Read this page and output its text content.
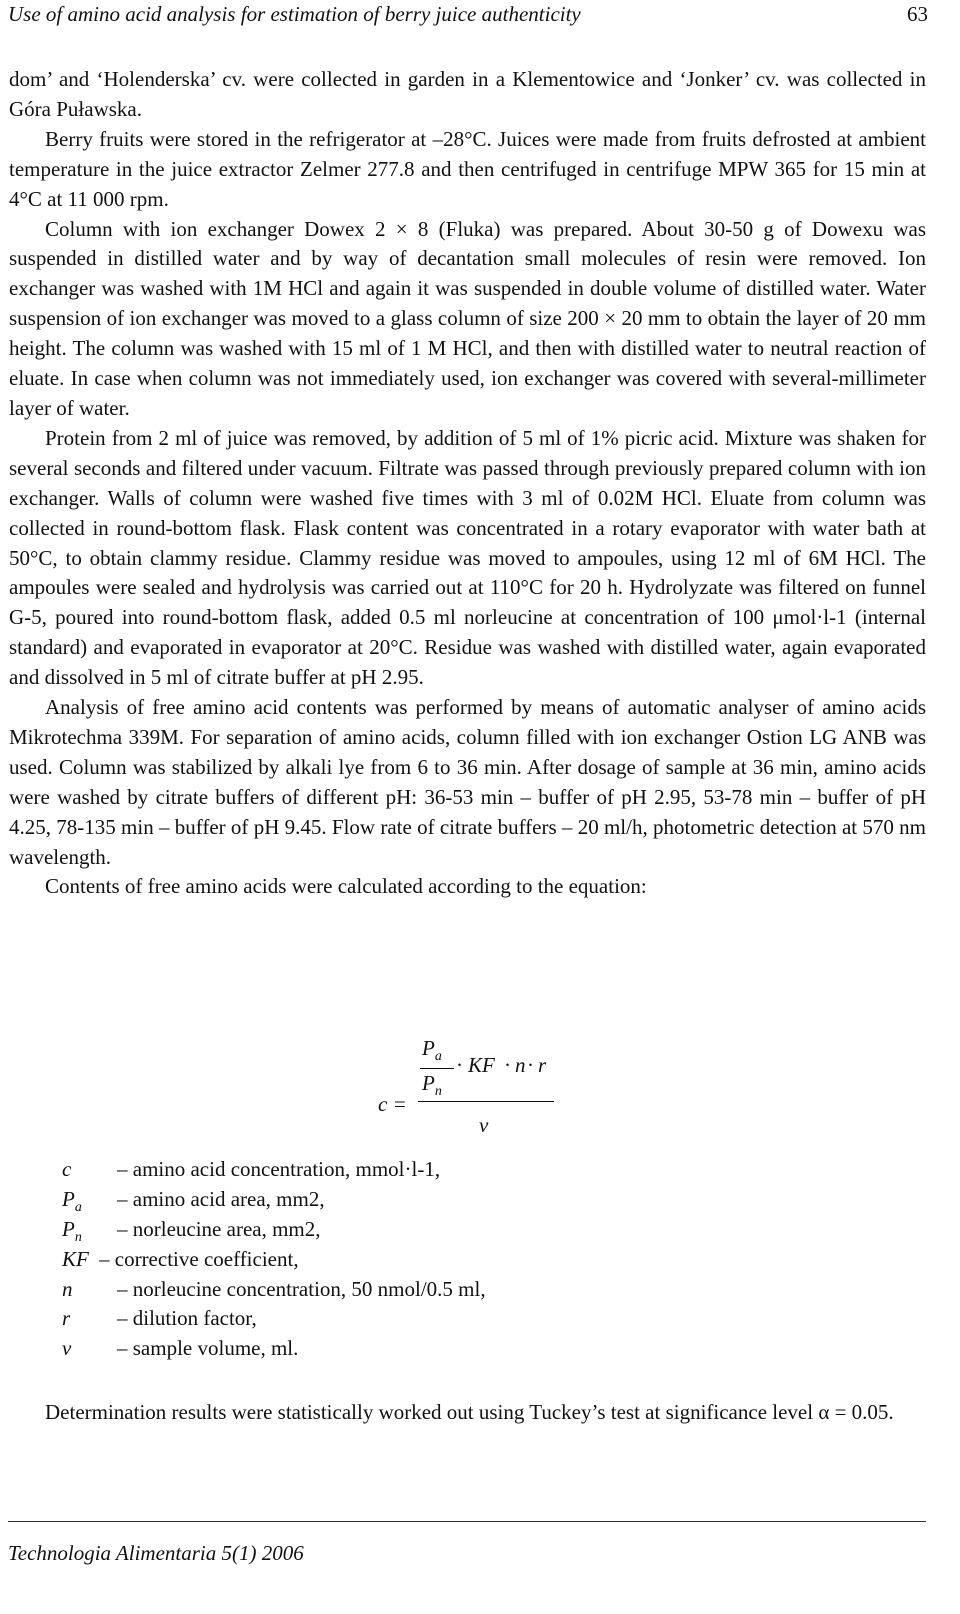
Use of amino acid analysis for estimation of berry juice authenticity	63

dom’ and ‘Holenderska’ cv. were collected in garden in a Klementowice and ‘Jonker’ cv. was collected in Góra Puławska.

Berry fruits were stored in the refrigerator at –28°C. Juices were made from fruits defrosted at ambient temperature in the juice extractor Zelmer 277.8 and then centrifuged in centrifuge MPW 365 for 15 min at 4°C at 11 000 rpm.

Column with ion exchanger Dowex 2 × 8 (Fluka) was prepared. About 30-50 g of Dowexu was suspended in distilled water and by way of decantation small molecules of resin were removed. Ion exchanger was washed with 1M HCl and again it was suspended in double volume of distilled water. Water suspension of ion exchanger was moved to a glass column of size 200 × 20 mm to obtain the layer of 20 mm height. The column was washed with 15 ml of 1 M HCl, and then with distilled water to neutral reaction of eluate. In case when column was not immediately used, ion exchanger was covered with several-millimeter layer of water.

Protein from 2 ml of juice was removed, by addition of 5 ml of 1% picric acid. Mixture was shaken for several seconds and filtered under vacuum. Filtrate was passed through previously prepared column with ion exchanger. Walls of column were washed five times with 3 ml of 0.02M HCl. Eluate from column was collected in round-bottom flask. Flask content was concentrated in a rotary evaporator with water bath at 50°C, to obtain clammy residue. Clammy residue was moved to ampoules, using 12 ml of 6M HCl. The ampoules were sealed and hydrolysis was carried out at 110°C for 20 h. Hydrolyzate was filtered on funnel G-5, poured into round-bottom flask, added 0.5 ml norleucine at concentration of 100 μmol·l-1 (internal standard) and evaporated in evaporator at 20°C. Residue was washed with distilled water, again evaporated and dissolved in 5 ml of citrate buffer at pH 2.95.

Analysis of free amino acid contents was performed by means of automatic analyser of amino acids Mikrotechma 339M. For separation of amino acids, column filled with ion exchanger Ostion LG ANB was used. Column was stabilized by alkali lye from 6 to 36 min. After dosage of sample at 36 min, amino acids were washed by citrate buffers of different pH: 36-53 min – buffer of pH 2.95, 53-78 min – buffer of pH 4.25, 78-135 min – buffer of pH 9.45. Flow rate of citrate buffers – 20 ml/h, photometric detection at 570 nm wavelength.

Contents of free amino acids were calculated according to the equation:

c =
$P_a$
$P_n$
· KF · n · r
v
c – amino acid concentration, mmol·l-1,
$P_a$ – amino acid area, mm2,
$P_n$ – norleucine area, mm2,
KF – corrective coefficient,
n – norleucine concentration, 50 nmol/0.5 ml,
r – dilution factor,
v – sample volume, ml.

Determination results were statistically worked out using Tuckey’s test at significance level α = 0.05.

Technologia Alimentaria 5(1) 2006
